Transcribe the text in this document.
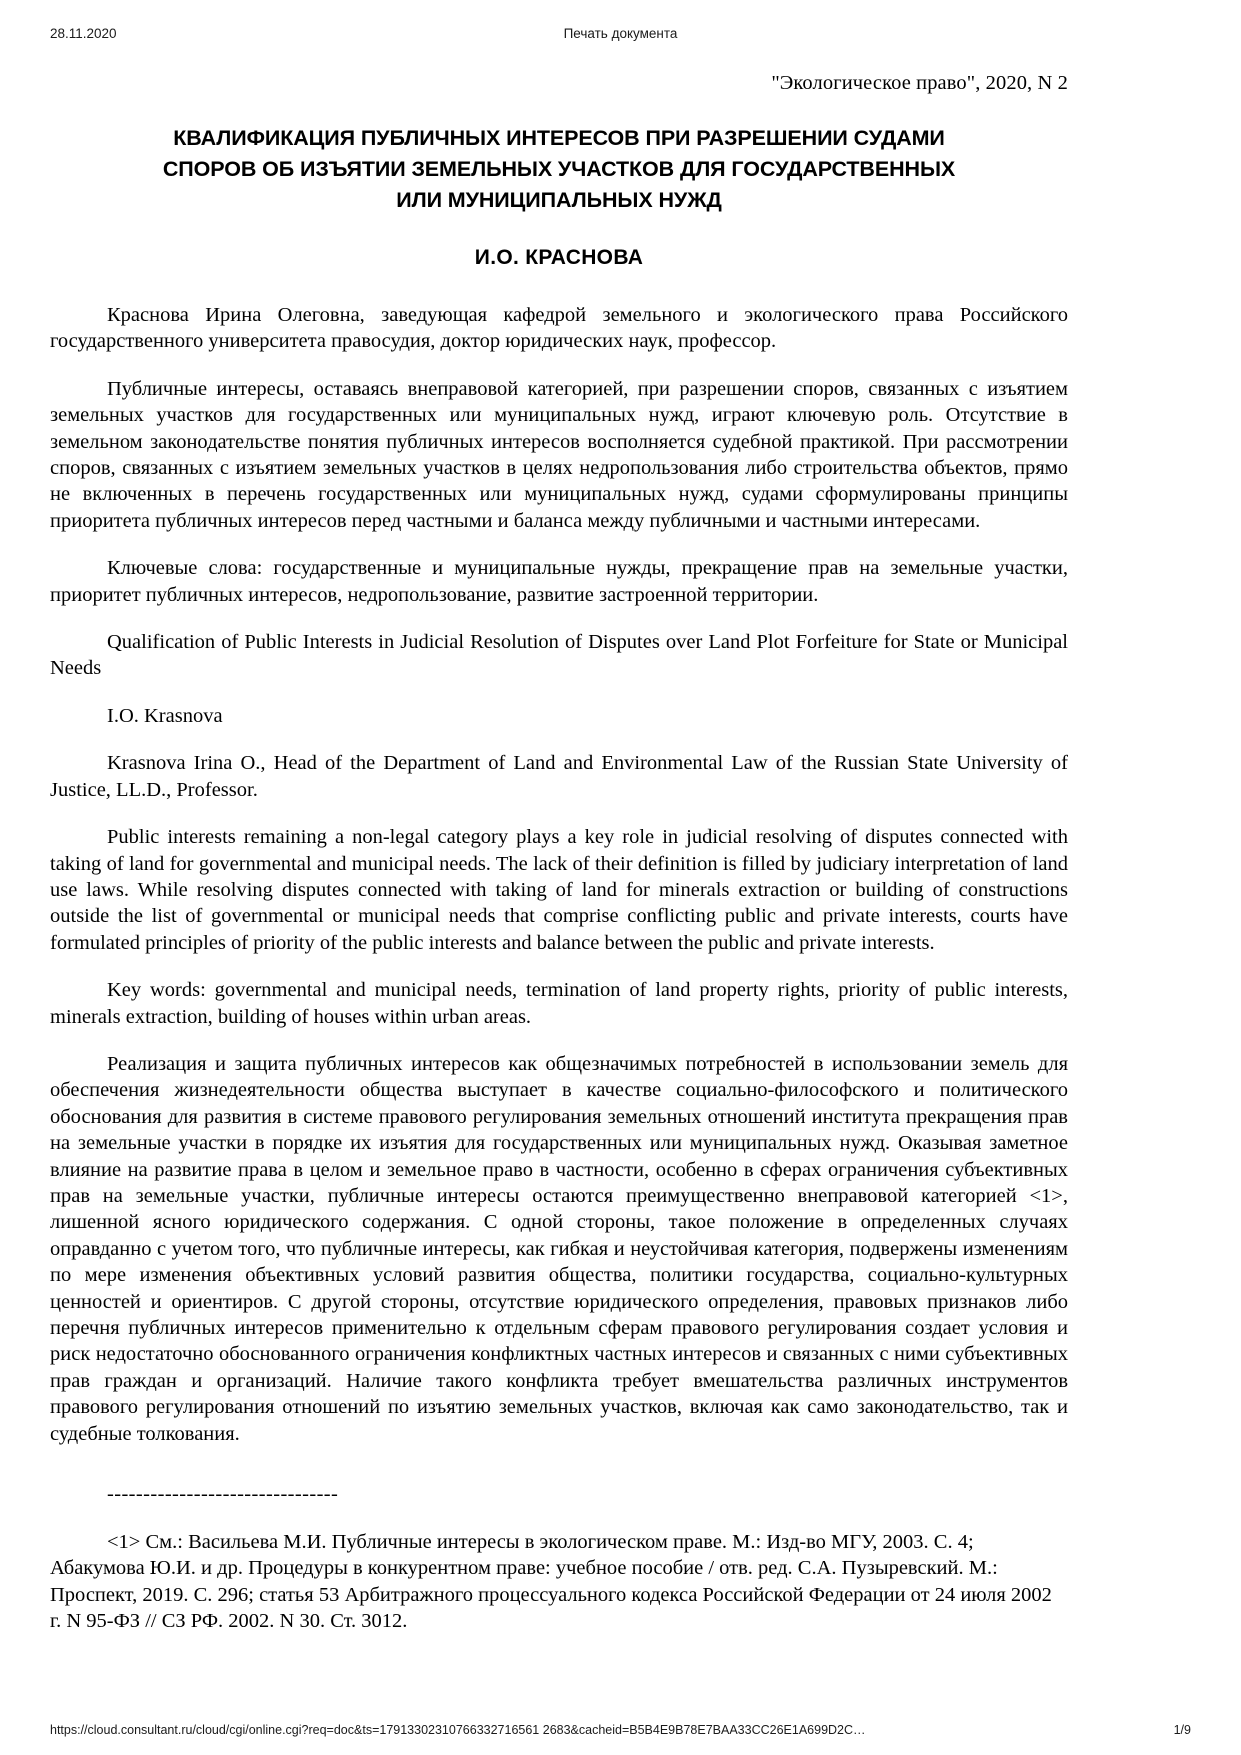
28.11.2020	Печать документа
"Экологическое право", 2020, N 2
КВАЛИФИКАЦИЯ ПУБЛИЧНЫХ ИНТЕРЕСОВ ПРИ РАЗРЕШЕНИИ СУДАМИ
СПОРОВ ОБ ИЗЪЯТИИ ЗЕМЕЛЬНЫХ УЧАСТКОВ ДЛЯ ГОСУДАРСТВЕННЫХ
ИЛИ МУНИЦИПАЛЬНЫХ НУЖД
И.О. КРАСНОВА

Краснова Ирина Олеговна, заведующая кафедрой земельного и экологического права Российского государственного университета правосудия, доктор юридических наук, профессор.

Публичные интересы, оставаясь внеправовой категорией, при разрешении споров, связанных с изъятием земельных участков для государственных или муниципальных нужд, играют ключевую роль. Отсутствие в земельном законодательстве понятия публичных интересов восполняется судебной практикой. При рассмотрении споров, связанных с изъятием земельных участков в целях недропользования либо строительства объектов, прямо не включенных в перечень государственных или муниципальных нужд, судами сформулированы принципы приоритета публичных интересов перед частными и баланса между публичными и частными интересами.

Ключевые слова: государственные и муниципальные нужды, прекращение прав на земельные участки, приоритет публичных интересов, недропользование, развитие застроенной территории.

Qualification of Public Interests in Judicial Resolution of Disputes over Land Plot Forfeiture for State or Municipal Needs

I.O. Krasnova

Krasnova Irina O., Head of the Department of Land and Environmental Law of the Russian State University of Justice, LL.D., Professor.

Public interests remaining a non-legal category plays a key role in judicial resolving of disputes connected with taking of land for governmental and municipal needs. The lack of their definition is filled by judiciary interpretation of land use laws. While resolving disputes connected with taking of land for minerals extraction or building of constructions outside the list of governmental or municipal needs that comprise conflicting public and private interests, courts have formulated principles of priority of the public interests and balance between the public and private interests.

Key words: governmental and municipal needs, termination of land property rights, priority of public interests, minerals extraction, building of houses within urban areas.

Реализация и защита публичных интересов как общезначимых потребностей в использовании земель для обеспечения жизнедеятельности общества выступает в качестве социально-философского и политического обоснования для развития в системе правового регулирования земельных отношений института прекращения прав на земельные участки в порядке их изъятия для государственных или муниципальных нужд. Оказывая заметное влияние на развитие права в целом и земельное право в частности, особенно в сферах ограничения субъективных прав на земельные участки, публичные интересы остаются преимущественно внеправовой категорией <1>, лишенной ясного юридического содержания. С одной стороны, такое положение в определенных случаях оправданно с учетом того, что публичные интересы, как гибкая и неустойчивая категория, подвержены изменениям по мере изменения объективных условий развития общества, политики государства, социально-культурных ценностей и ориентиров. С другой стороны, отсутствие юридического определения, правовых признаков либо перечня публичных интересов применительно к отдельным сферам правового регулирования создает условия и риск недостаточно обоснованного ограничения конфликтных частных интересов и связанных с ними субъективных прав граждан и организаций. Наличие такого конфликта требует вмешательства различных инструментов правового регулирования отношений по изъятию земельных участков, включая как само законодательство, так и судебные толкования.

--------------------------------

<1> См.: Васильева М.И. Публичные интересы в экологическом праве. М.: Изд-во МГУ, 2003. С. 4; Абакумова Ю.И. и др. Процедуры в конкурентном праве: учебное пособие / отв. ред. С.А. Пузыревский. М.: Проспект, 2019. С. 296; статья 53 Арбитражного процессуального кодекса Российской Федерации от 24 июля 2002 г. N 95-ФЗ // СЗ РФ. 2002. N 30. Ст. 3012.

https://cloud.consultant.ru/cloud/cgi/online.cgi?req=doc&ts=17913302310766332716561 2683&cacheid=B5B4E9B78E7BAA33CC26E1A699D2C…	1/9
